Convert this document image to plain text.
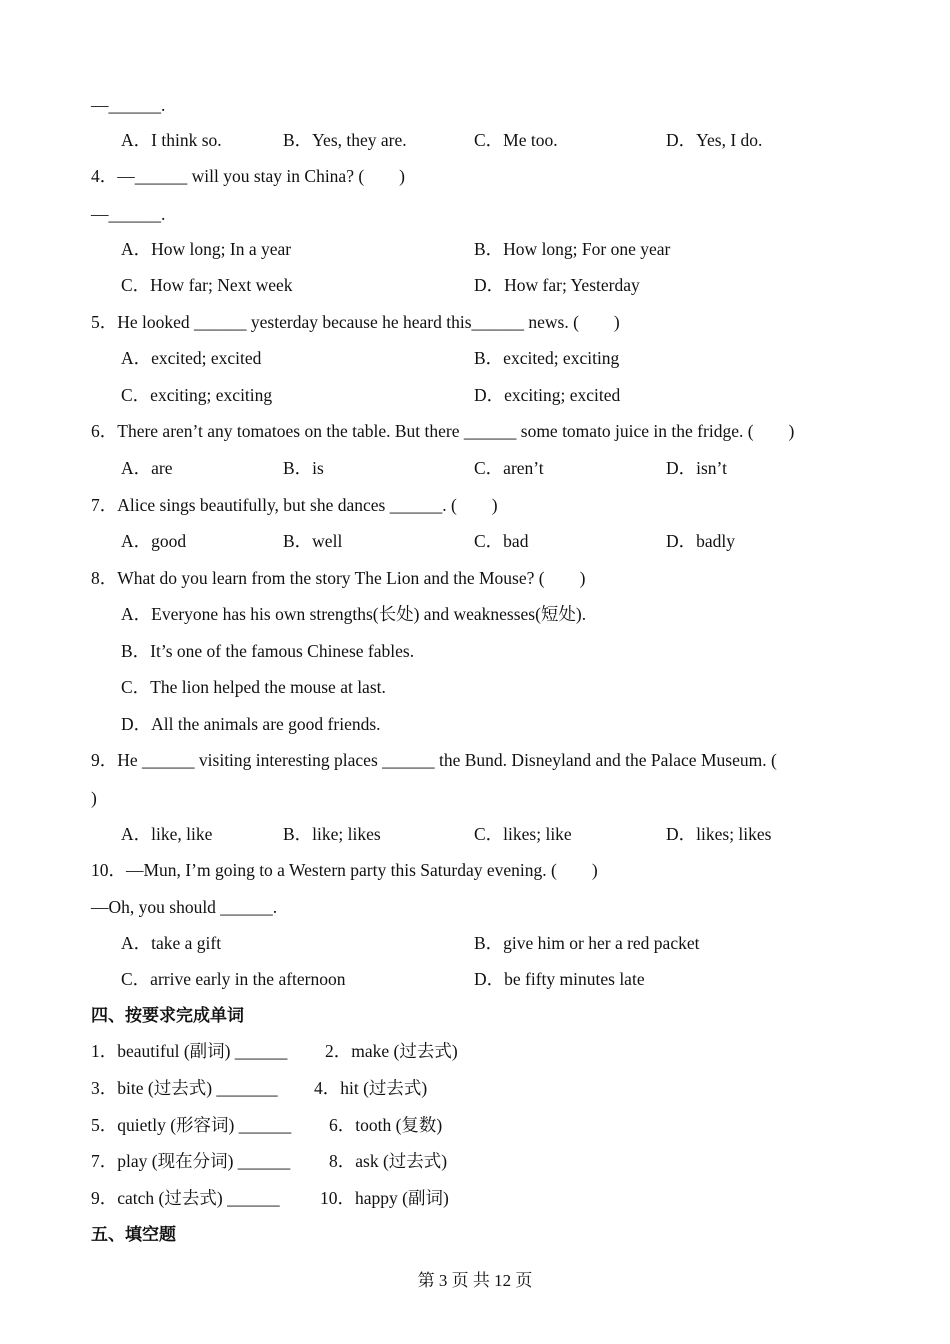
—______.
A．I think so.	B．Yes, they are.	C．Me too.	D．Yes, I do.
4．—______ will you stay in China? (　　)
—______.
A．How long; In a year	B．How long; For one year
C．How far; Next week	D．How far; Yesterday
5．He looked ______ yesterday because he heard this______ news. (　　)
A．excited; excited	B．excited; exciting
C．exciting; exciting	D．exciting; excited
6．There aren’t any tomatoes on the table. But there ______ some tomato juice in the fridge. (　　)
A．are	B．is	C．aren’t	D．isn’t
7．Alice sings beautifully, but she dances ______. (　　)
A．good	B．well	C．bad	D．badly
8．What do you learn from the story The Lion and the Mouse? (　　)
A．Everyone has his own strengths(长处) and weaknesses(短处).
B．It’s one of the famous Chinese fables.
C．The lion helped the mouse at last.
D．All the animals are good friends.
9．He ______ visiting interesting places ______ the Bund. Disneyland and the Palace Museum. (
)
A．like, like	B．like; likes	C．likes; like	D．likes; likes
10．—Mun, I’m going to a Western party this Saturday evening. (　　)
—Oh, you should ______.
A．take a gift	B．give him or her a red packet
C．arrive early in the afternoon	D．be fifty minutes late
四、按要求完成单词
1．beautiful (副词) ______ 2．make (过去式)
3．bite (过去式) _______ 4．hit (过去式)
5．quietly (形容词) ______ 6．tooth (复数)
7．play (现在分词) ______ 8．ask (过去式)
9．catch (过去式) ______ 10．happy (副词)
五、填空题
第 3 页 共 12 页
